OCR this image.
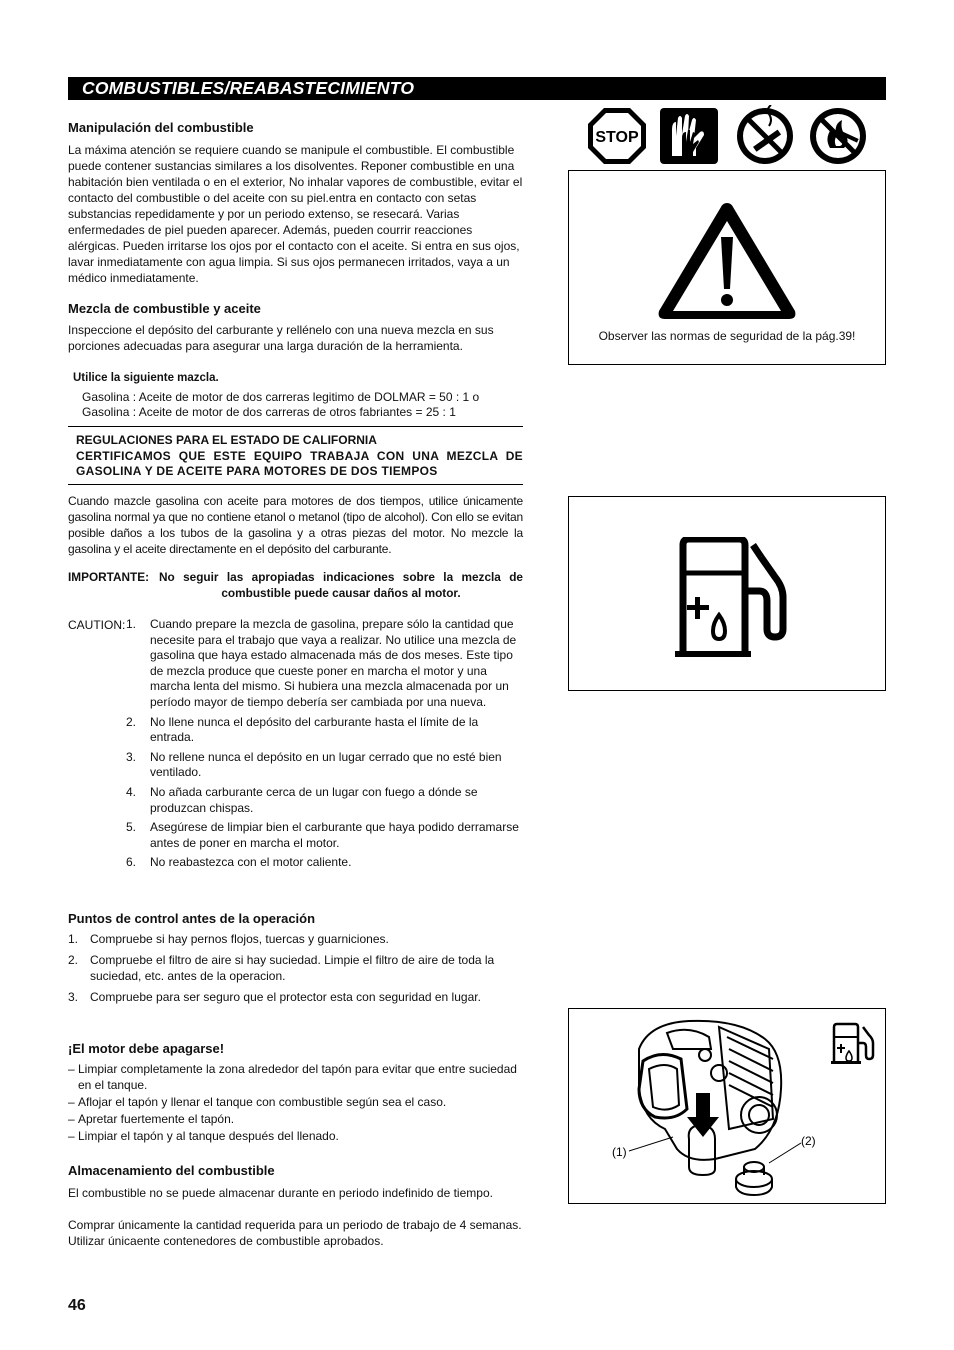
COMBUSTIBLES/REABASTECIMIENTO
Manipulación del combustible

La máxima atención se requiere cuando se manipule el combustible. El combustible puede contener sustancias similares a los disolventes. Reponer combustible en una habitación bien ventilada o en el exterior, No inhalar vapores de combustible, evitar el contacto del combustible o del aceite con su piel.entra en contacto con setas substancias repedidamente y por un periodo extenso, se resecará. Varias enfermedades de piel pueden aparecer. Además, pueden courrir reacciones alérgicas. Pueden irritarse los ojos por el contacto con el aceite. Si entra en sus ojos, lavar inmediatamente con agua limpia. Si sus ojos permanecen irritados, vaya a un médico inmediatamente.

Mezcla de combustible y aceite

Inspeccione el depósito del carburante y rellénelo con una nueva mezcla en sus porciones adecuadas para asegurar una larga duración de la herramienta.

Utilice la siguiente mazcla.
Gasolina : Aceite de motor de dos carreras legitimo de DOLMAR = 50 : 1 o
Gasolina : Aceite de motor de dos carreras de otros fabriantes = 25 : 1
REGULACIONES PARA EL ESTADO DE CALIFORNIA
CERTIFICAMOS QUE ESTE EQUIPO TRABAJA CON UNA MEZCLA DE GASOLINA Y DE ACEITE PARA MOTORES DE DOS TIEMPOS

Cuando mazcle gasolina con aceite para motores de dos tiempos, utilice únicamente gasolina normal ya que no contiene etanol o metanol (tipo de alcohol). Con ello se evitan posible daños a los tubos de la gasolina y a otras piezas del motor. No mezcle la gasolina y el aceite directamente en el depósito del carburante.

IMPORTANTE: No seguir las apropiadas indicaciones sobre la mezcla de combustible puede causar daños al motor.
CAUTION: 1. Cuando prepare la mezcla de gasolina, prepare sólo la cantidad que necesite para el trabajo que vaya a realizar. No utilice una mezcla de gasolina que haya estado almacenada más de dos meses. Este tipo de mezcla produce que cueste poner en marcha el motor y una marcha lenta del mismo. Si hubiera una mezcla almacenada por un período mayor de tiempo debería ser cambiada por una nueva.
2. No llene nunca el depósito del carburante hasta el límite de la entrada.
3. No rellene nunca el depósito en un lugar cerrado que no esté bien ventilado.
4. No añada carburante cerca de un lugar con fuego a dónde se produzcan chispas.
5. Asegúrese de limpiar bien el carburante que haya podido derramarse antes de poner en marcha el motor.
6. No reabastezca con el motor caliente.
Puntos de control antes de la operación
1. Compruebe si hay pernos flojos, tuercas y guarniciones.
2. Compruebe el filtro de aire si hay suciedad. Limpie el filtro de aire de toda la suciedad, etc. antes de la operacion.
3. Compruebe para ser seguro que el protector esta con seguridad en lugar.
¡El motor debe apagarse!
– Limpiar completamente la zona alrededor del tapón para evitar que entre suciedad en el tanque.
– Aflojar el tapón y llenar el tanque con combustible según sea el caso.
– Apretar fuertemente el tapón.
– Limpiar el tapón y al tanque después del llenado.
Almacenamiento del combustible

El combustible no se puede almacenar durante en periodo indefinido de tiempo.

Comprar únicamente la cantidad requerida para un periodo de trabajo de 4 semanas. Utilizar únicaente contenedores de combustible aprobados.

46
STOP
Observer las normas de seguridad de la pág.39!
(1)
(2)
